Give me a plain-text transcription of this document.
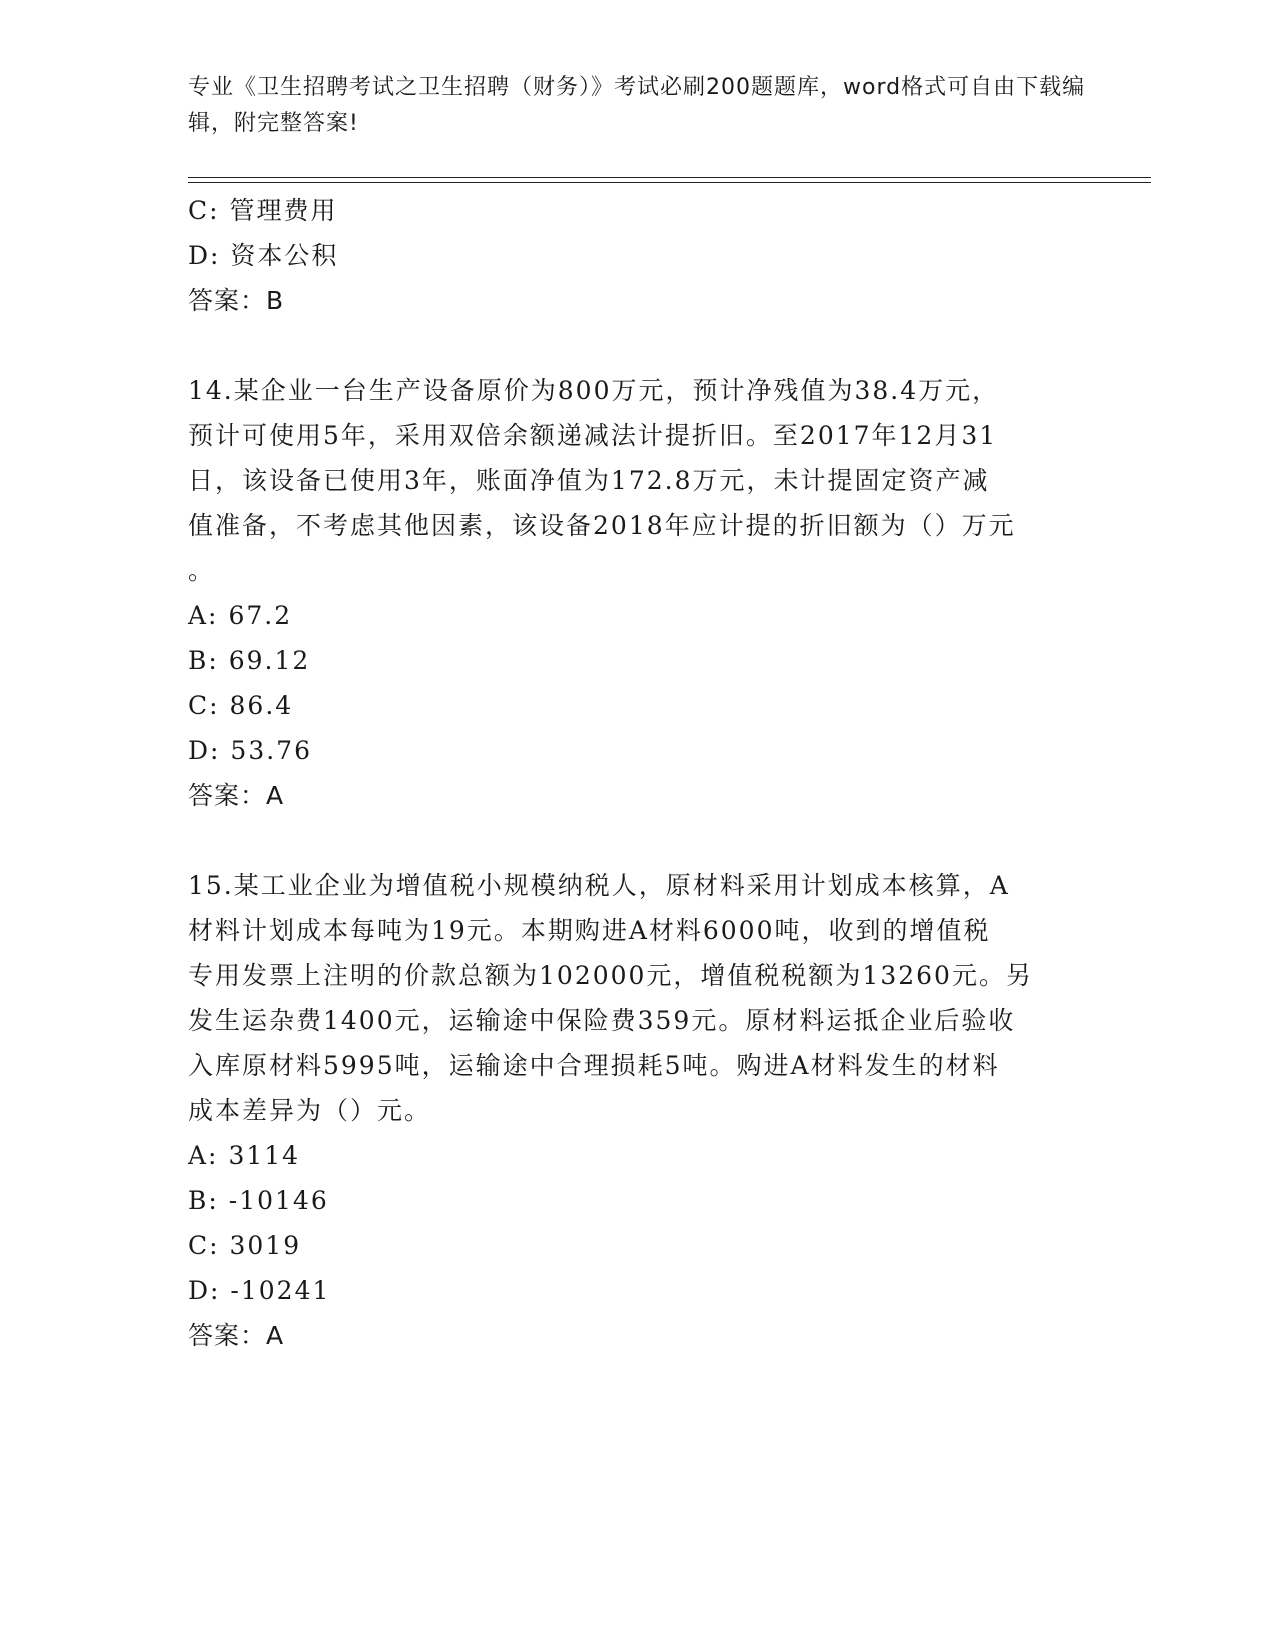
专业《卫生招聘考试之卫生招聘（财务）》考试必刷200题题库，word格式可自由下载编辑，附完整答案!
C: 管理费用
D: 资本公积
答案：B
14.某企业一台生产设备原价为800万元，预计净残值为38.4万元，
预计可使用5年，采用双倍余额递减法计提折旧。至2017年12月31
日，该设备已使用3年，账面净值为172.8万元，未计提固定资产减
值准备，不考虑其他因素，该设备2018年应计提的折旧额为（）万元
。
A: 67.2
B: 69.12
C: 86.4
D: 53.76
答案：A
15.某工业企业为增值税小规模纳税人，原材料采用计划成本核算，A
材料计划成本每吨为19元。本期购进A材料6000吨，收到的增值税
专用发票上注明的价款总额为102000元，增值税税额为13260元。另
发生运杂费1400元，运输途中保险费359元。原材料运抵企业后验收
入库原材料5995吨，运输途中合理损耗5吨。购进A材料发生的材料
成本差异为（）元。
A: 3114
B: -10146
C: 3019
D: -10241
答案：A
